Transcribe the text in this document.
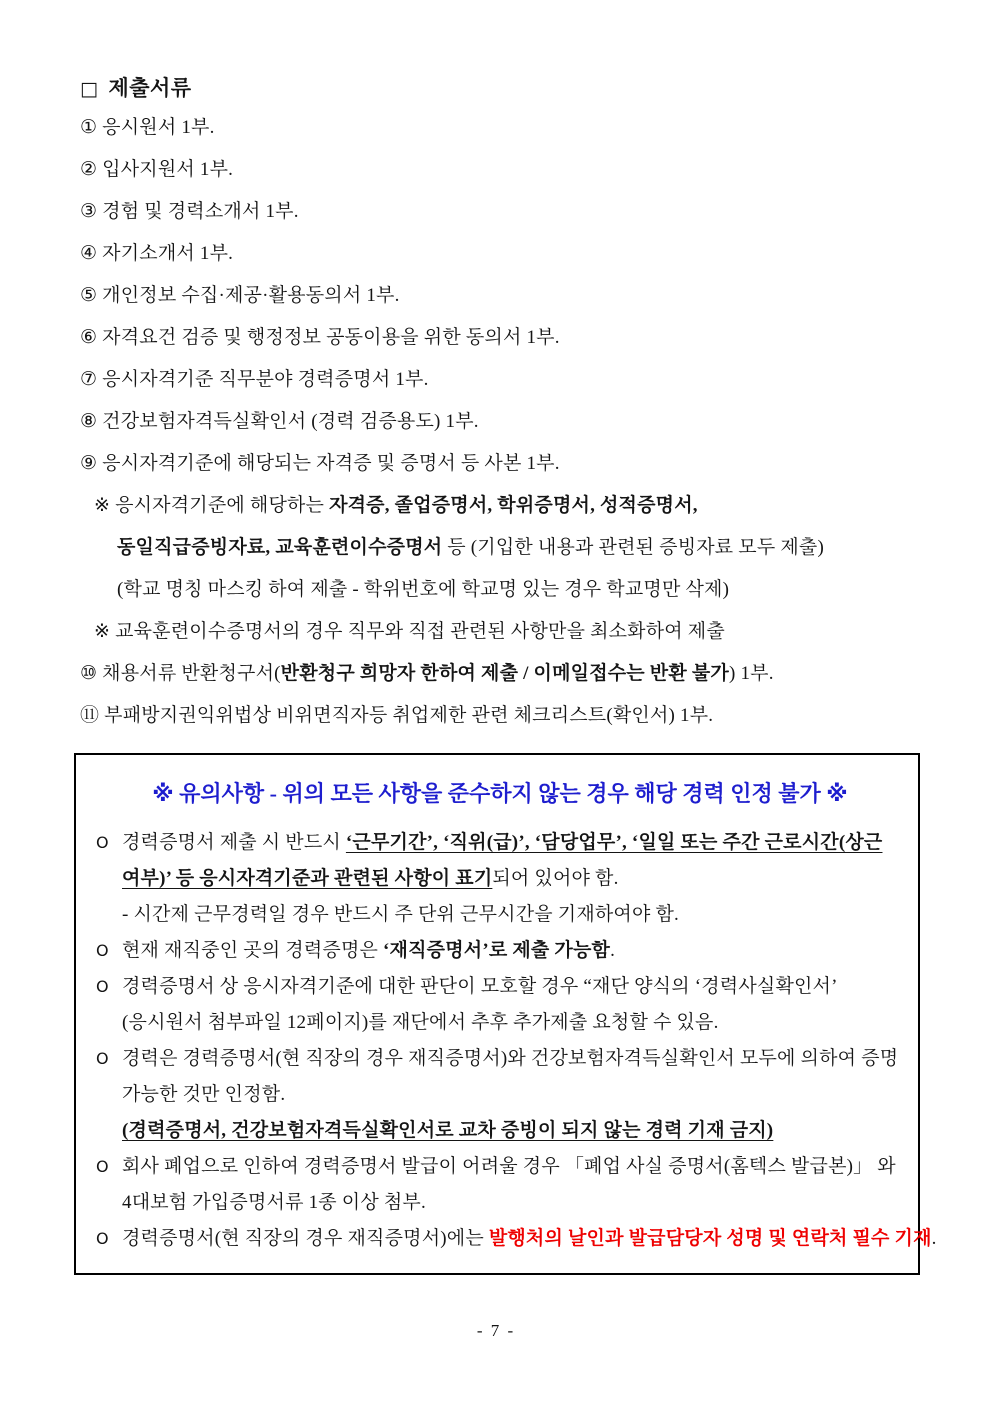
□ 제출서류
① 응시원서 1부.
② 입사지원서 1부.
③ 경험 및 경력소개서 1부.
④ 자기소개서 1부.
⑤ 개인정보 수집·제공·활용동의서 1부.
⑥ 자격요건 검증 및 행정정보 공동이용을 위한 동의서 1부.
⑦ 응시자격기준 직무분야 경력증명서 1부.
⑧ 건강보험자격득실확인서 (경력 검증용도) 1부.
⑨ 응시자격기준에 해당되는 자격증 및 증명서 등 사본 1부.
※ 응시자격기준에 해당하는 자격증, 졸업증명서, 학위증명서, 성적증명서,
동일직급증빙자료, 교육훈련이수증명서 등 (기입한 내용과 관련된 증빙자료 모두 제출)
(학교 명칭 마스킹 하여 제출 - 학위번호에 학교명 있는 경우 학교명만 삭제)
※ 교육훈련이수증명서의 경우 직무와 직접 관련된 사항만을 최소화하여 제출
⑩ 채용서류 반환청구서(반환청구 희망자 한하여 제출 / 이메일접수는 반환 불가) 1부.
⑪ 부패방지권익위법상 비위면직자등 취업제한 관련 체크리스트(확인서) 1부.
※ 유의사항 - 위의 모든 사항을 준수하지 않는 경우 해당 경력 인정 불가 ※
O 경력증명서 제출 시 반드시 ‘근무기간’, ‘직위(급)’, ‘담당업무’, ‘일일 또는 주간 근로시간(상근
여부)’ 등 응시자격기준과 관련된 사항이 표기되어 있어야 함.
- 시간제 근무경력일 경우 반드시 주 단위 근무시간을 기재하여야 함.
O 현재 재직중인 곳의 경력증명은 ‘재직증명서’로 제출 가능함.
O 경력증명서 상 응시자격기준에 대한 판단이 모호할 경우 “재단 양식의 ‘경력사실확인서’
(응시원서 첨부파일 12페이지)를 재단에서 추후 추가제출 요청할 수 있음.
O 경력은 경력증명서(현 직장의 경우 재직증명서)와 건강보험자격득실확인서 모두에 의하여 증명
가능한 것만 인정함.
(경력증명서, 건강보험자격득실확인서로 교차 증빙이 되지 않는 경력 기재 금지)
O 회사 폐업으로 인하여 경력증명서 발급이 어려울 경우 「폐업 사실 증명서(홈텍스 발급본)」 와
4대보험 가입증명서류 1종 이상 첨부.
O 경력증명서(현 직장의 경우 재직증명서)에는 발행처의 날인과 발급담당자 성명 및 연락처 필수 기재.
- 7 -
